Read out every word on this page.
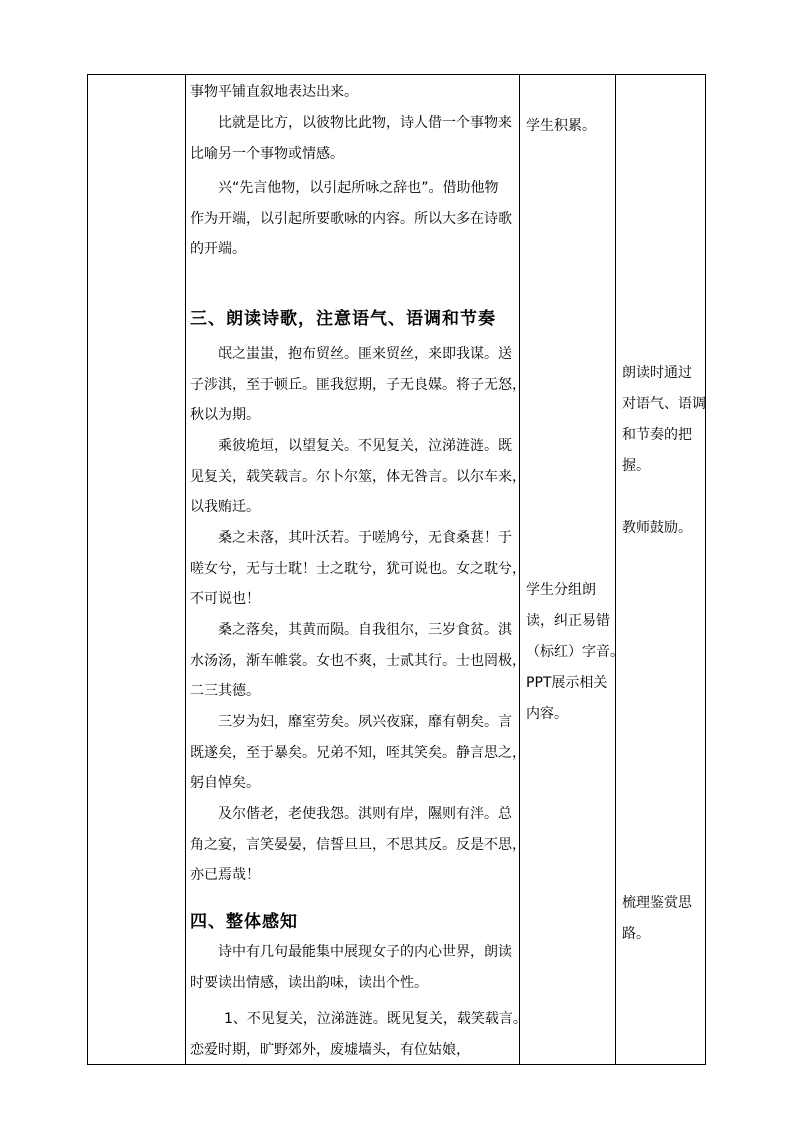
事物平铺直叙地表达出来。
比就是比方，以彼物比此物，诗人借一个事物来
比喻另一个事物或情感。
兴“先言他物，以引起所咏之辞也”。借助他物
作为开端，以引起所要歌咏的内容。所以大多在诗歌
的开端。
三、朗读诗歌，注意语气、语调和节奏
氓之蚩蚩，抱布贸丝。匪来贸丝，来即我谋。送
子涉淇，至于顿丘。匪我愆期，子无良媒。将子无怒，
秋以为期。
乘彼垝垣，以望复关。不见复关，泣涕涟涟。既
见复关，载笑载言。尔卜尔筮，体无咎言。以尔车来，
以我贿迁。
桑之未落，其叶沃若。于嗟鸠兮，无食桑葚！于
嗟女兮，无与士耽！士之耽兮，犹可说也。女之耽兮，
不可说也！
桑之落矣，其黄而陨。自我徂尔，三岁食贫。淇
水汤汤，渐车帷裳。女也不爽，士贰其行。士也罔极，
二三其德。
三岁为妇，靡室劳矣。夙兴夜寐，靡有朝矣。言
既遂矣，至于暴矣。兄弟不知，咥其笑矣。静言思之，
躬自悼矣。
及尔偕老，老使我怨。淇则有岸，隰则有泮。总
角之宴，言笑晏晏，信誓旦旦，不思其反。反是不思，
亦已焉哉！
四、整体感知
诗中有几句最能集中展现女子的内心世界，朗读
时要读出情感，读出韵味，读出个性。
1、不见复关，泣涕涟涟。既见复关，载笑载言。
恋爱时期，旷野郊外，废墟墙头，有位姑娘，
学生积累。
学生分组朗
读，纠正易错
（标红）字音。
PPT展示相关
内容。
朗读时通过
对语气、语调
和节奏的把
握。
教师鼓励。
梳理鉴赏思
路。
